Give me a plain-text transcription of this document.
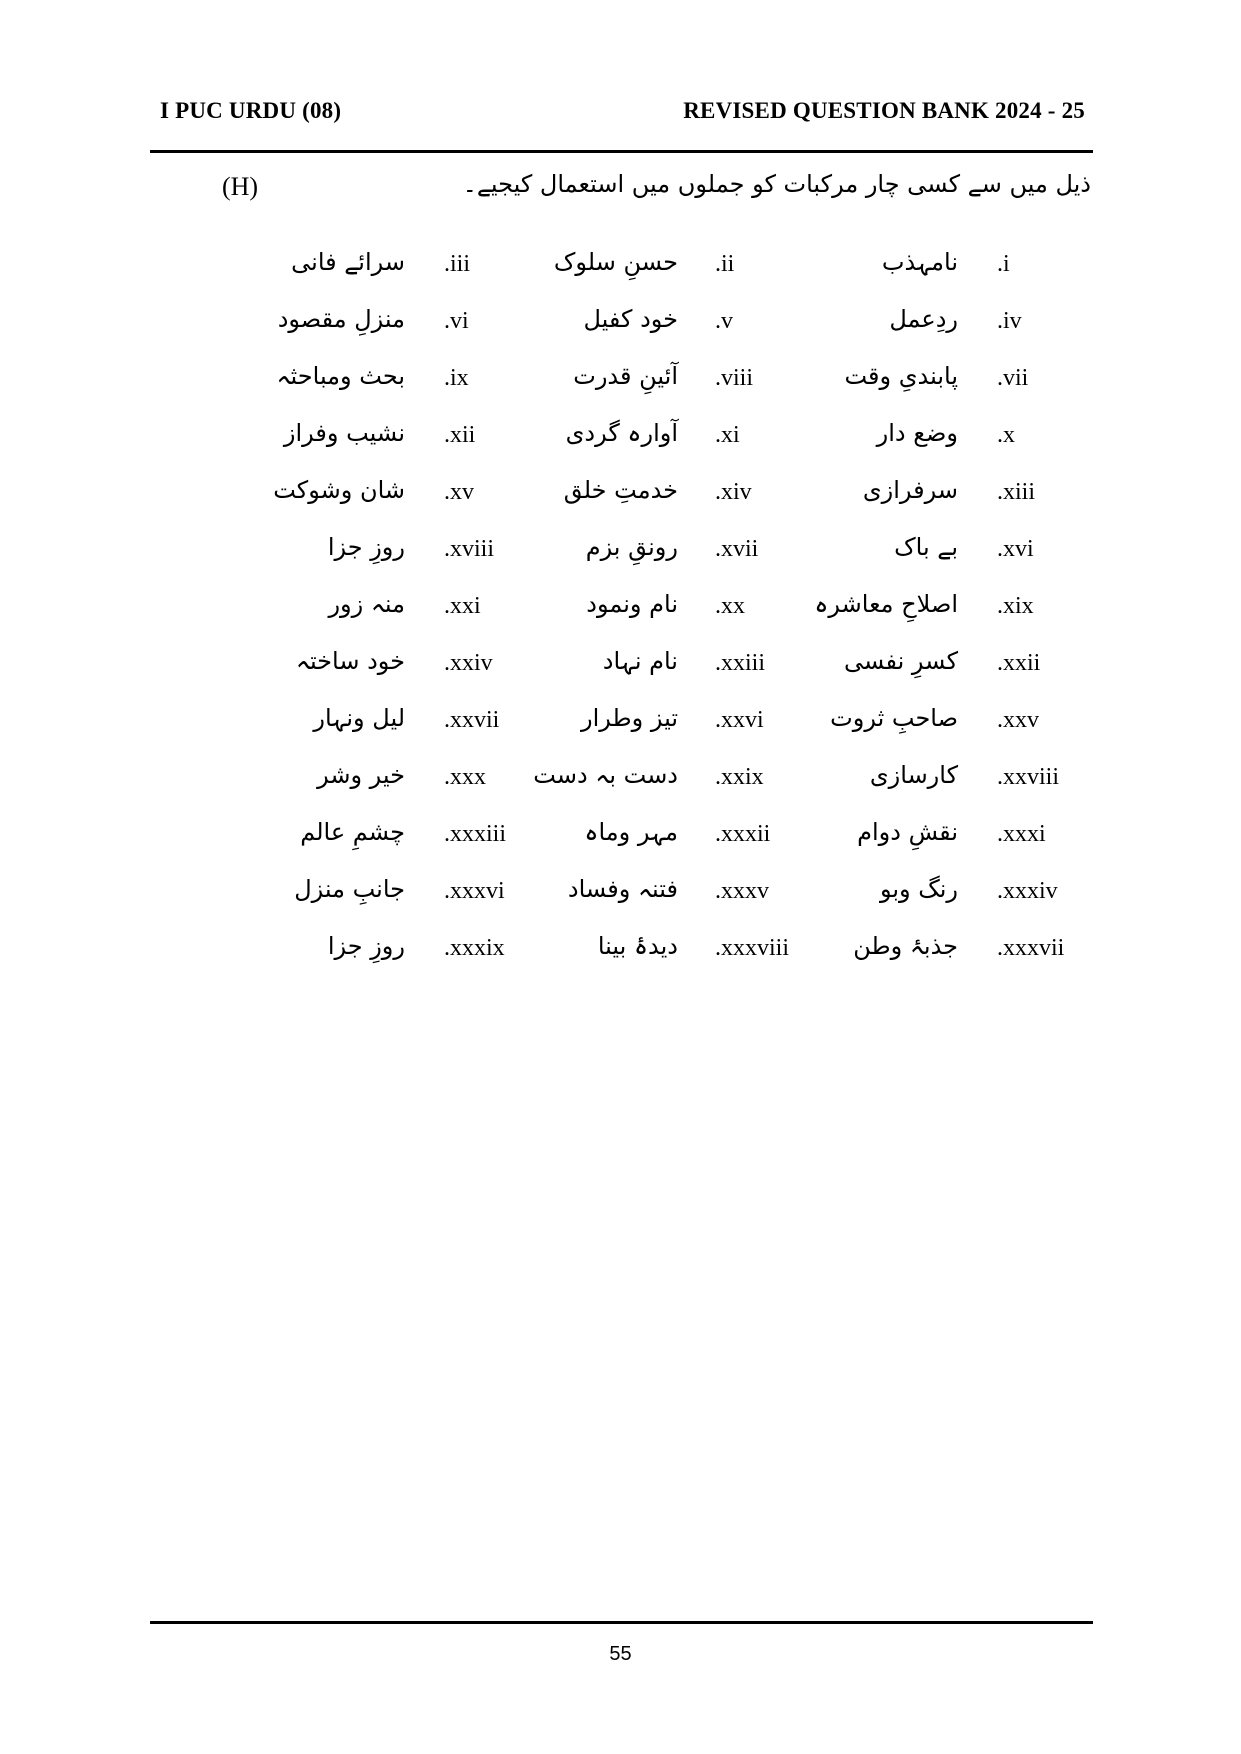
I PUC URDU (08)	REVISED QUESTION BANK 2024 - 25
(H)	ذیل میں سے کسی چار مرکبات کو جملوں میں استعمال کیجیے۔
.i
نامہذب
.ii
حسنِ سلوک
.iii
سرائے فانی
.iv
ردِعمل
.v
خود کفیل
.vi
منزلِ مقصود
.vii
پابندیِ وقت
.viii
آئینِ قدرت
.ix
بحث ومباحثہ
.x
وضع دار
.xi
آوارہ گردی
.xii
نشیب وفراز
.xiii
سرفرازی
.xiv
خدمتِ خلق
.xv
شان وشوکت
.xvi
بے باک
.xvii
رونقِ بزم
.xviii
روزِ جزا
.xix
اصلاحِ معاشرہ
.xx
نام ونمود
.xxi
منہ زور
.xxii
کسرِ نفسی
.xxiii
نام نہاد
.xxiv
خود ساختہ
.xxv
صاحبِ ثروت
.xxvi
تیز وطرار
.xxvii
لیل ونہار
.xxviii
کارسازی
.xxix
دست بہ دست
.xxx
خیر وشر
.xxxi
نقشِ دوام
.xxxii
مہر وماہ
.xxxiii
چشمِ عالم
.xxxiv
رنگ وبو
.xxxv
فتنہ وفساد
.xxxvi
جانبِ منزل
.xxxvii
جذبۂ وطن
.xxxviii
دیدۂ بینا
.xxxix
روزِ جزا
55
